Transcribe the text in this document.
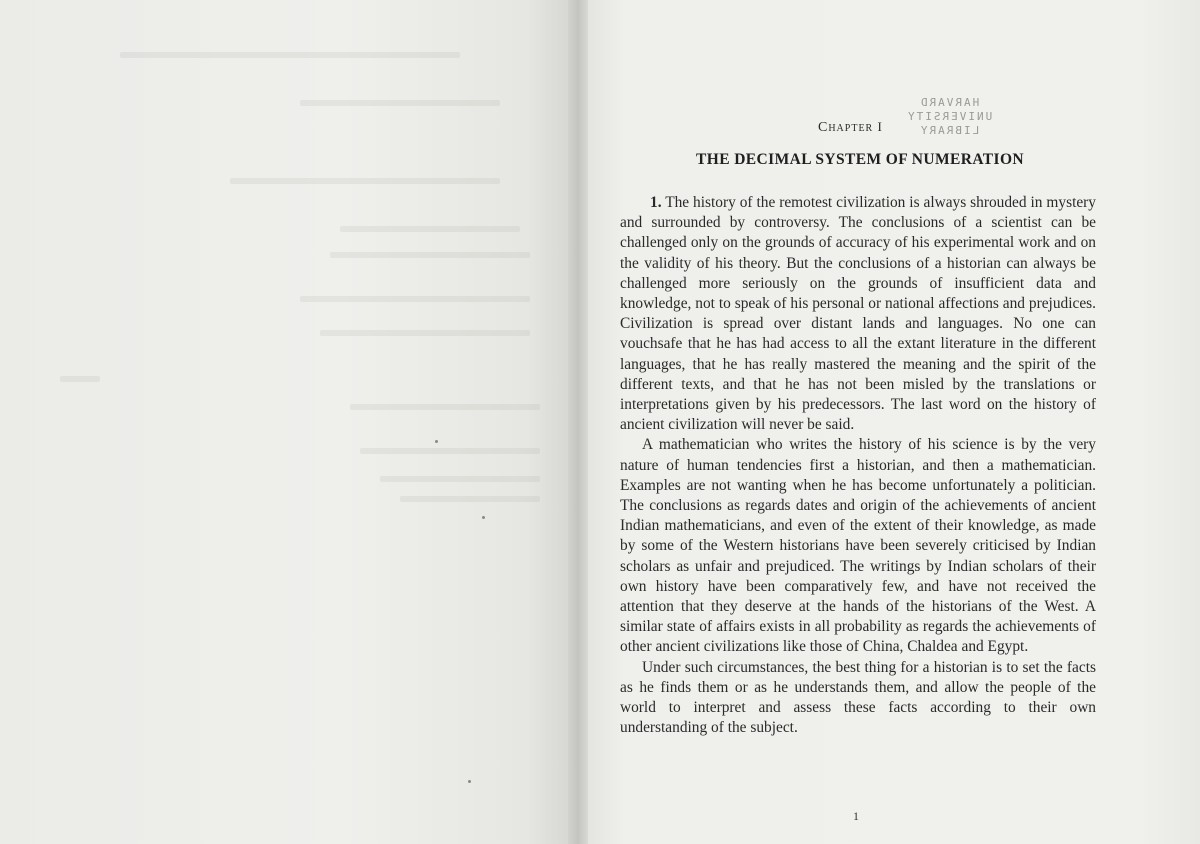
HARVARD
UNIVERSITY
LIBRARY
Chapter I
THE DECIMAL SYSTEM OF NUMERATION

1. The history of the remotest civilization is always shrouded in mystery and surrounded by controversy. The conclusions of a scientist can be challenged only on the grounds of accuracy of his experimental work and on the validity of his theory. But the conclusions of a historian can always be challenged more seriously on the grounds of insufficient data and knowledge, not to speak of his personal or national affections and prejudices. Civilization is spread over distant lands and languages. No one can vouchsafe that he has had access to all the extant literature in the different languages, that he has really mastered the meaning and the spirit of the different texts, and that he has not been misled by the translations or interpretations given by his predecessors. The last word on the history of ancient civilization will never be said.

A mathematician who writes the history of his science is by the very nature of human tendencies first a historian, and then a mathematician. Examples are not wanting when he has become unfortunately a politician. The conclusions as regards dates and origin of the achievements of ancient Indian mathematicians, and even of the extent of their knowledge, as made by some of the Western historians have been severely criticised by Indian scholars as unfair and prejudiced. The writings by Indian scholars of their own history have been comparatively few, and have not received the attention that they deserve at the hands of the historians of the West. A similar state of affairs exists in all probability as regards the achievements of other ancient civilizations like those of China, Chaldea and Egypt.

Under such circumstances, the best thing for a historian is to set the facts as he finds them or as he understands them, and allow the people of the world to interpret and assess these facts according to their own understanding of the subject.

1
